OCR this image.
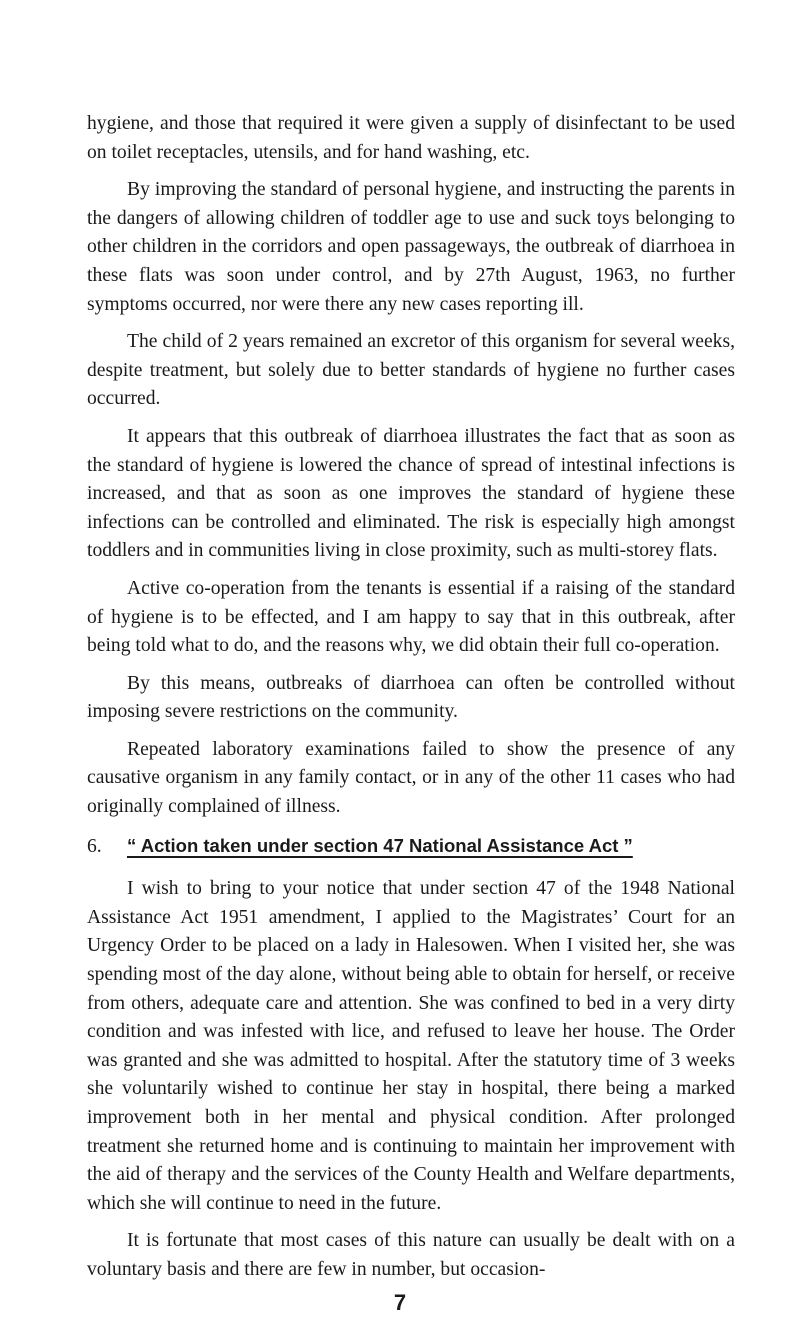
hygiene, and those that required it were given a supply of disinfectant to be used on toilet receptacles, utensils, and for hand washing, etc.

By improving the standard of personal hygiene, and instructing the parents in the dangers of allowing children of toddler age to use and suck toys belonging to other children in the corridors and open passageways, the outbreak of diarrhoea in these flats was soon under control, and by 27th August, 1963, no further symptoms occurred, nor were there any new cases reporting ill.

The child of 2 years remained an excretor of this organism for several weeks, despite treatment, but solely due to better standards of hygiene no further cases occurred.

It appears that this outbreak of diarrhoea illustrates the fact that as soon as the standard of hygiene is lowered the chance of spread of intestinal infections is increased, and that as soon as one improves the standard of hygiene these infections can be controlled and eliminated. The risk is especially high amongst toddlers and in communities living in close proximity, such as multi-storey flats.

Active co-operation from the tenants is essential if a raising of the standard of hygiene is to be effected, and I am happy to say that in this outbreak, after being told what to do, and the reasons why, we did obtain their full co-operation.

By this means, outbreaks of diarrhoea can often be controlled without imposing severe restrictions on the community.

Repeated laboratory examinations failed to show the presence of any causative organism in any family contact, or in any of the other 11 cases who had originally complained of illness.

6.	“ Action taken under section 47 National Assistance Act ”

I wish to bring to your notice that under section 47 of the 1948 National Assistance Act 1951 amendment, I applied to the Magistrates’ Court for an Urgency Order to be placed on a lady in Halesowen. When I visited her, she was spending most of the day alone, without being able to obtain for herself, or receive from others, adequate care and attention. She was confined to bed in a very dirty condition and was infested with lice, and refused to leave her house. The Order was granted and she was admitted to hospital. After the statutory time of 3 weeks she voluntarily wished to continue her stay in hospital, there being a marked improvement both in her mental and physical condition. After prolonged treatment she returned home and is continuing to maintain her improvement with the aid of therapy and the services of the County Health and Welfare departments, which she will continue to need in the future.

It is fortunate that most cases of this nature can usually be dealt with on a voluntary basis and there are few in number, but occasion-

7
